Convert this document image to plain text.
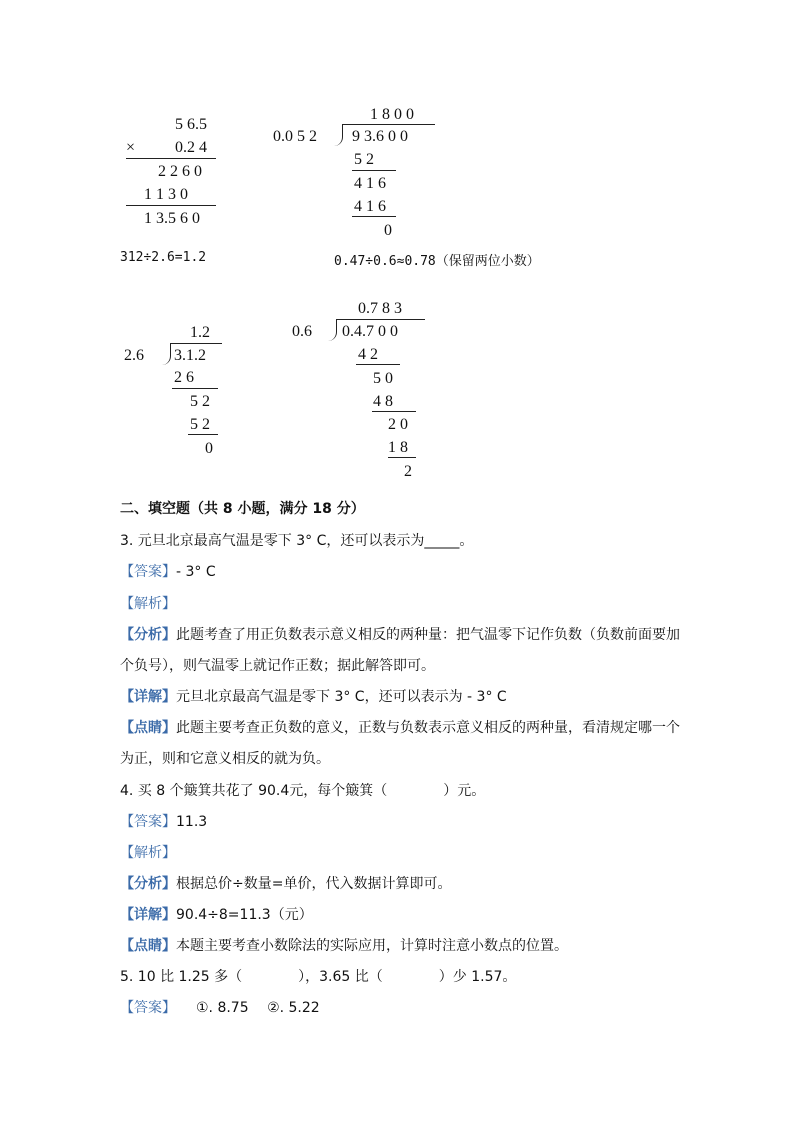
5 6.5
× 0.2 4
2 2 6 0
1 1 3 0
1 3.5 6 0
1 8 0 0
0.0 5 2 9 3.6 0 0
5 2
4 1 6
4 1 6
0
312÷2.6=1.2	0.47÷0.6≈0.78（保留两位小数）
1.2
2.6 3.1.2
2 6
5 2
5 2
0
0.7 8 3
0.6 0.4.7 0 0
4 2
5 0
4 8
2 0
1 8
2
二、填空题（共 8 小题，满分 18 分）
3. 元旦北京最高气温是零下 3° C，还可以表示为_____。
【答案】- 3° C
【解析】
【分析】此题考查了用正负数表示意义相反的两种量：把气温零下记作负数（负数前面要加
个负号），则气温零上就记作正数；据此解答即可。
【详解】元旦北京最高气温是零下 3° C，还可以表示为 - 3° C
【点睛】此题主要考查正负数的意义，正数与负数表示意义相反的两种量，看清规定哪一个
为正，则和它意义相反的就为负。
4. 买 8 个簸箕共花了 90.4元，每个簸箕（　　　　）元。
【答案】11.3
【解析】
【分析】根据总价÷数量=单价，代入数据计算即可。
【详解】90.4÷8=11.3（元）
【点睛】本题主要考查小数除法的实际应用，计算时注意小数点的位置。
5. 10 比 1.25 多（　　　　），3.65 比（　　　　）少 1.57。
【答案】 ①. 8.75　 ②. 5.22
